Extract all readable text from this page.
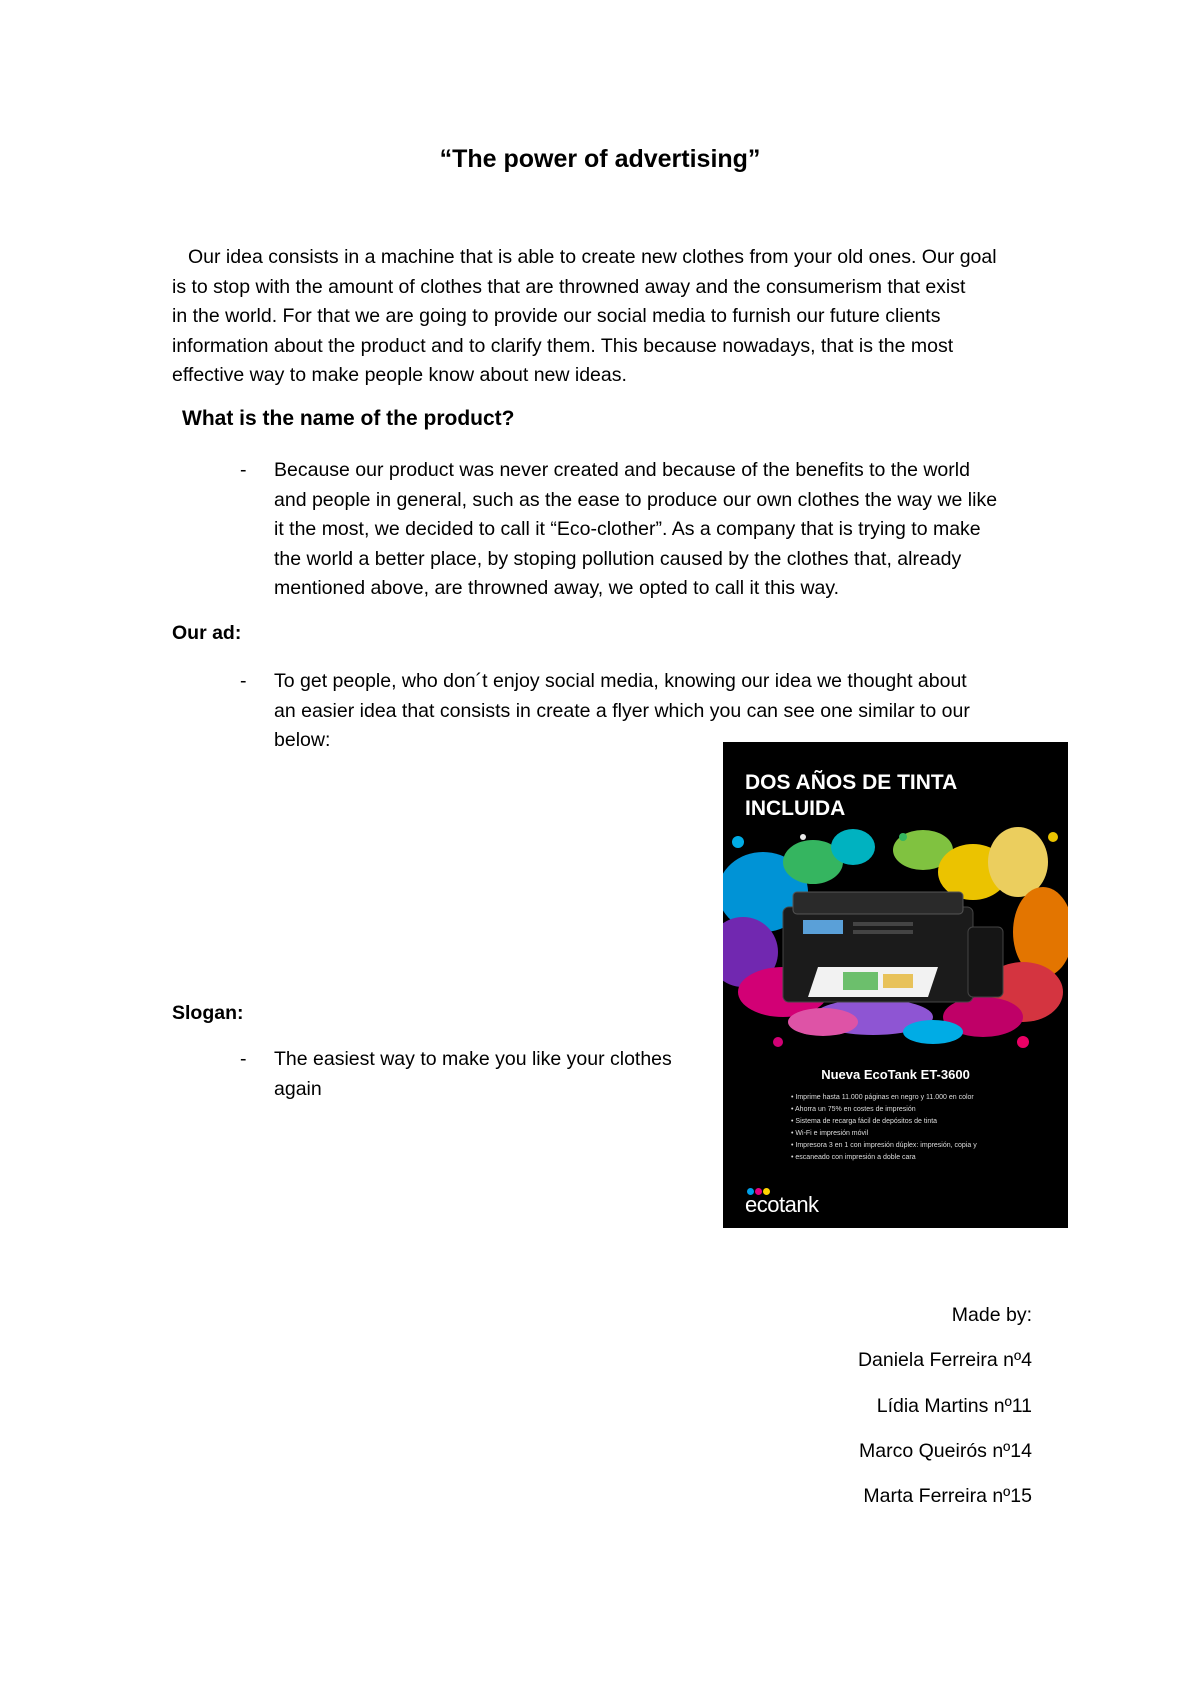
“The power of advertising”
Our idea consists in a machine that is able to create new clothes from your old ones. Our goal
is to stop with the amount of clothes that are throwned away and the consumerism that exist
in the world. For that we are going to provide our social media to furnish our future clients
information about the product and to clarify them. This because nowadays, that is the most
effective way to make people know about new ideas.
What is the name of the product?
- Because our product was never created and because of the benefits to the world
and people in general, such as the ease to produce our own clothes the way we like
it the most, we decided to call it “Eco-clother”. As a company that is trying to make
the world a better place, by stoping pollution caused by the clothes that, already
mentioned above, are throwned away, we opted to call it this way.
Our ad:
- To get people, who don´t enjoy social media, knowing our idea we thought about
an easier idea that consists in create a flyer which you can see one similar to our
below:
Slogan:
- The easiest way to make you like your clothes
again
DOS AÑOS DE TINTA
INCLUIDA
Nueva EcoTank ET-3600
• Imprime hasta 11.000 páginas en negro y 11.000 en color
• Ahorra un 75% en costes de impresión
• Sistema de recarga fácil de depósitos de tinta
• Wi-Fi e impresión móvil
• Impresora 3 en 1 con impresión dúplex: impresión, copia y
• escaneado con impresión a doble cara
ecotank
Made by:
Daniela Ferreira nº4
Lídia Martins nº11
Marco Queirós nº14
Marta Ferreira nº15
